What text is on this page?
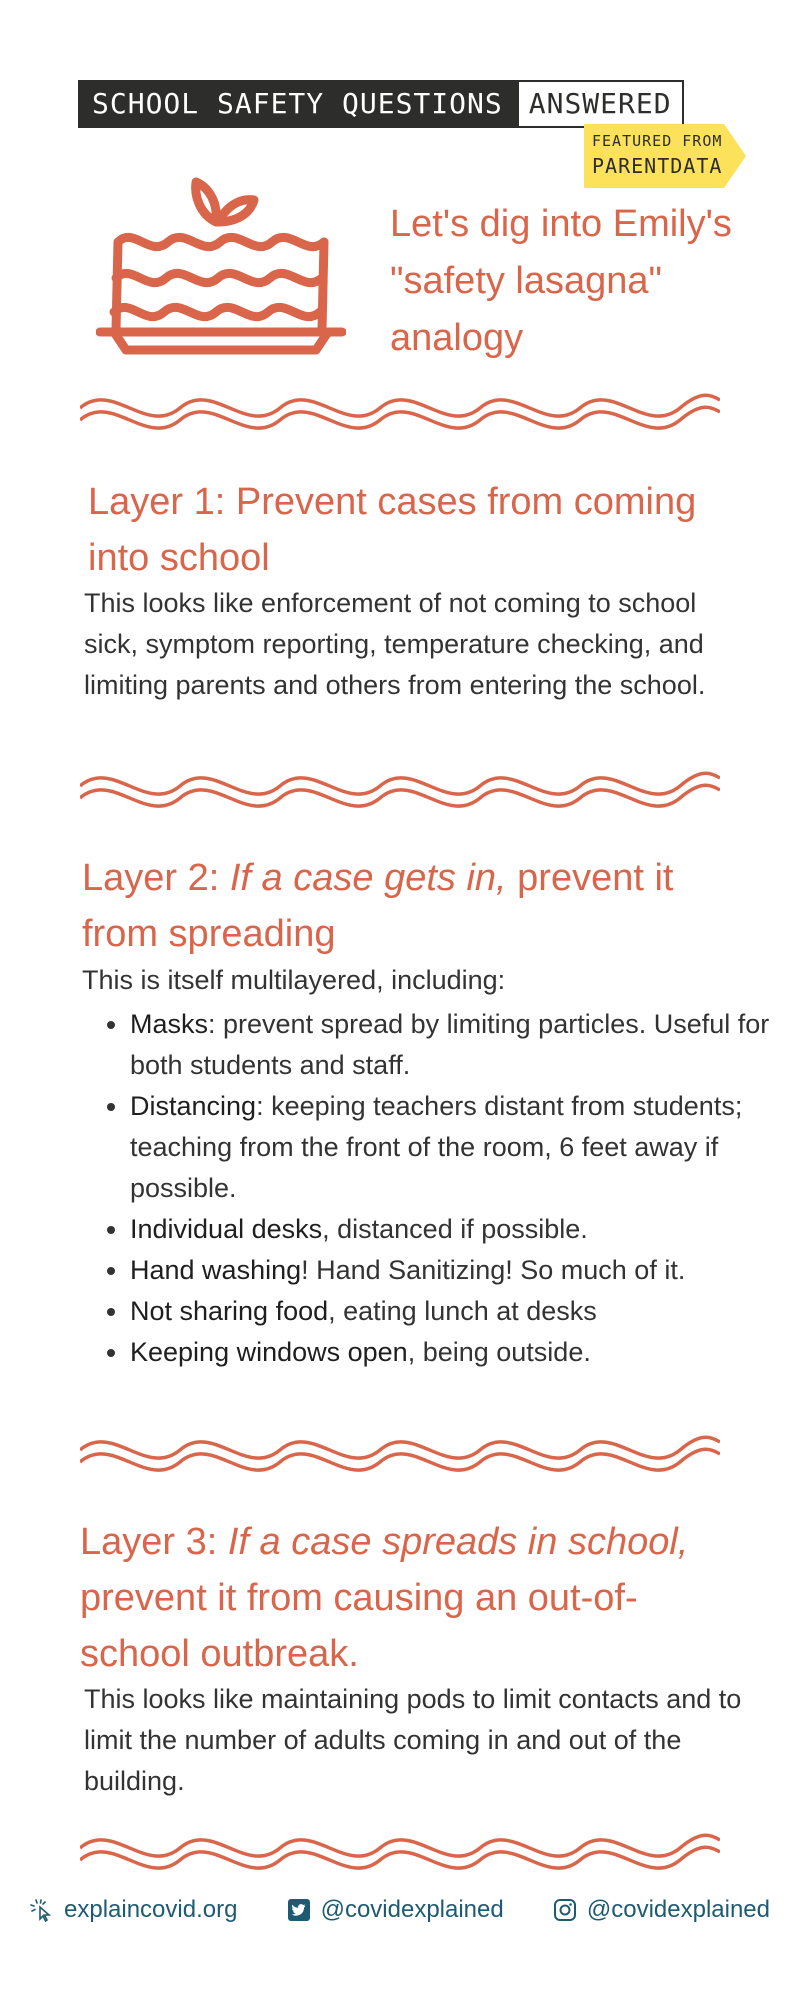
SCHOOL SAFETY QUESTIONS ANSWERED
FEATURED FROM
PARENTDATA
Let's dig into Emily's "safety lasagna" analogy
Layer 1: Prevent cases from coming into school
This looks like enforcement of not coming to school sick, symptom reporting, temperature checking, and limiting parents and others from entering the school.
Layer 2: If a case gets in, prevent it from spreading
This is itself multilayered, including:
• Masks: prevent spread by limiting particles. Useful for both students and staff.
• Distancing: keeping teachers distant from students; teaching from the front of the room, 6 feet away if possible.
• Individual desks, distanced if possible.
• Hand washing! Hand Sanitizing! So much of it.
• Not sharing food, eating lunch at desks
• Keeping windows open, being outside.
Layer 3: If a case spreads in school, prevent it from causing an out-of-school outbreak.
This looks like maintaining pods to limit contacts and to limit the number of adults coming in and out of the building.
explaincovid.org	@covidexplained	@covidexplained
